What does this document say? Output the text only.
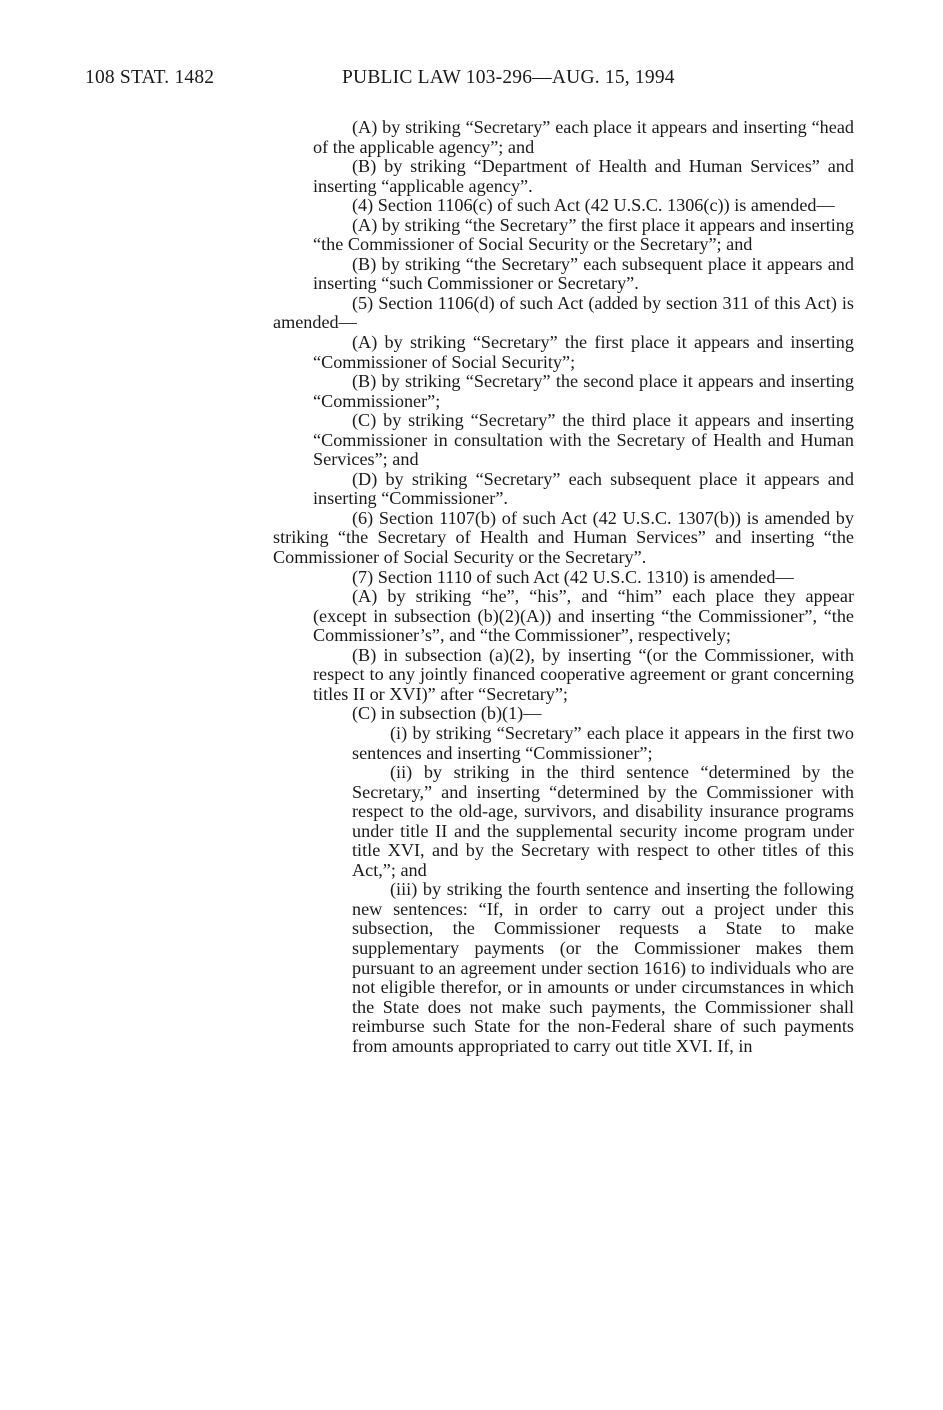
108 STAT. 1482	PUBLIC LAW 103-296—AUG. 15, 1994

(A) by striking “Secretary” each place it appears and inserting “head of the applicable agency”; and

(B) by striking “Department of Health and Human Services” and inserting “applicable agency”.

(4) Section 1106(c) of such Act (42 U.S.C. 1306(c)) is amended—

(A) by striking “the Secretary” the first place it appears and inserting “the Commissioner of Social Security or the Secretary”; and

(B) by striking “the Secretary” each subsequent place it appears and inserting “such Commissioner or Secretary”.

(5) Section 1106(d) of such Act (added by section 311 of this Act) is amended—

(A) by striking “Secretary” the first place it appears and inserting “Commissioner of Social Security”;

(B) by striking “Secretary” the second place it appears and inserting “Commissioner”;

(C) by striking “Secretary” the third place it appears and inserting “Commissioner in consultation with the Secretary of Health and Human Services”; and

(D) by striking “Secretary” each subsequent place it appears and inserting “Commissioner”.

(6) Section 1107(b) of such Act (42 U.S.C. 1307(b)) is amended by striking “the Secretary of Health and Human Services” and inserting “the Commissioner of Social Security or the Secretary”.

(7) Section 1110 of such Act (42 U.S.C. 1310) is amended—

(A) by striking “he”, “his”, and “him” each place they appear (except in subsection (b)(2)(A)) and inserting “the Commissioner”, “the Commissioner’s”, and “the Commissioner”, respectively;

(B) in subsection (a)(2), by inserting “(or the Commissioner, with respect to any jointly financed cooperative agreement or grant concerning titles II or XVI)” after “Secretary”;

(C) in subsection (b)(1)—

(i) by striking “Secretary” each place it appears in the first two sentences and inserting “Commissioner”;

(ii) by striking in the third sentence “determined by the Secretary,” and inserting “determined by the Commissioner with respect to the old-age, survivors, and disability insurance programs under title II and the supplemental security income program under title XVI, and by the Secretary with respect to other titles of this Act,”; and

(iii) by striking the fourth sentence and inserting the following new sentences: “If, in order to carry out a project under this subsection, the Commissioner requests a State to make supplementary payments (or the Commissioner makes them pursuant to an agreement under section 1616) to individuals who are not eligible therefor, or in amounts or under circumstances in which the State does not make such payments, the Commissioner shall reimburse such State for the non-Federal share of such payments from amounts appropriated to carry out title XVI. If, in
